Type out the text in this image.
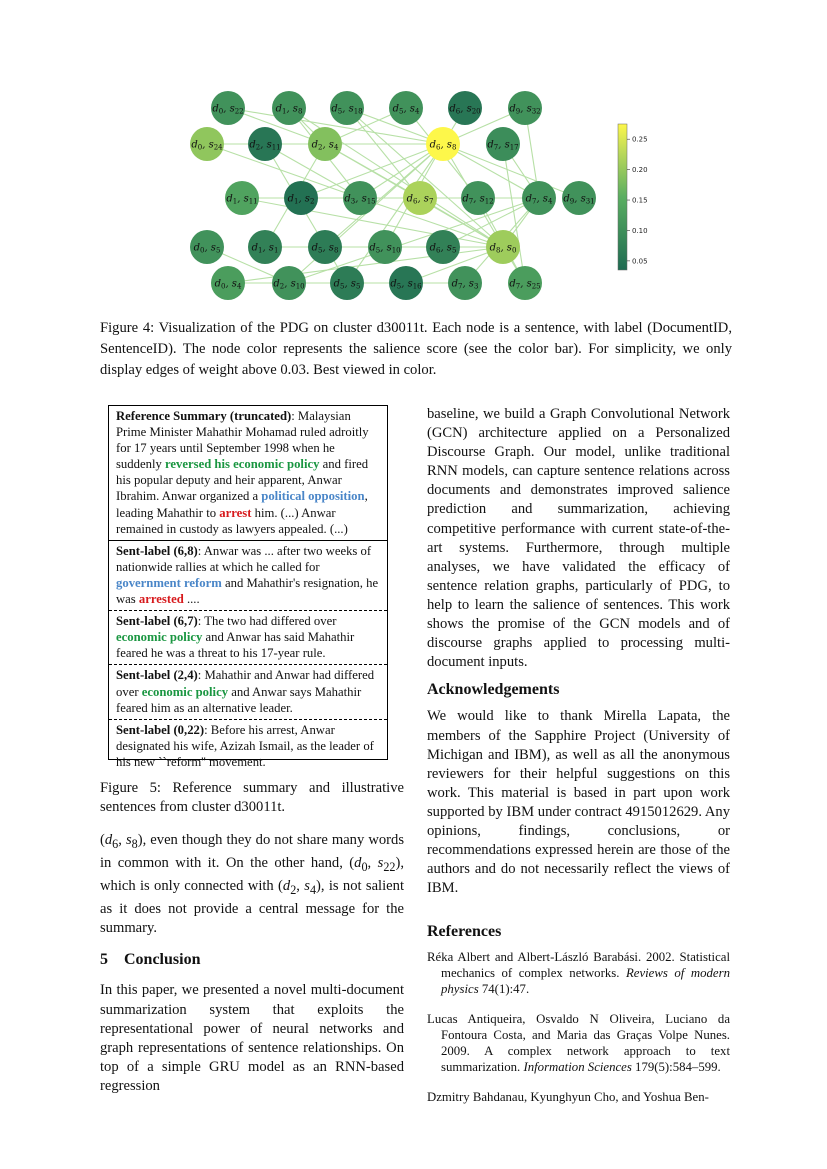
$d_0$, $s_{22}$	$d_1$, $s_8$	$d_5$, $s_{18}$	$d_5$, $s_4$	$d_6$, $s_{20}$	$d_9$, $s_{32}$
$d_0$, $s_{24}$	$d_2$, $s_{11}$	$d_2$, $s_4$	$d_6$, $s_8$	$d_7$, $s_{17}$
$d_1$, $s_{11}$	$d_1$, $s_2$	$d_3$, $s_{15}$	$d_6$, $s_7$	$d_7$, $s_{12}$	$d_7$, $s_4$ $d_9$, $s_{31}$
$d_0$, $s_5$	$d_1$, $s_1$	$d_5$, $s_8$	$d_5$, $s_{10}$	$d_6$, $s_5$	$d_8$, $s_0$
$d_0$, $s_4$	$d_2$, $s_{10}$	$d_5$, $s_5$	$d_5$, $s_{16}$	$d_7$, $s_3$	$d_7$, $s_{25}$
0.25
0.20
0.15
0.10
0.05
Figure 4: Visualization of the PDG on cluster d30011t. Each node is a sentence, with label (DocumentID, SentenceID). The node color represents the salience score (see the color bar). For simplicity, we only display edges of weight above 0.03. Best viewed in color.
Reference Summary (truncated): Malaysian Prime Minister Mahathir Mohamad ruled adroitly for 17 years until September 1998 when he suddenly reversed his economic policy and fired his popular deputy and heir apparent, Anwar Ibrahim. Anwar organized a political opposition, leading Mahathir to arrest him. (...) Anwar remained in custody as lawyers appealed. (...)
Sent-label (6,8): Anwar was ... after two weeks of nationwide rallies at which he called for government reform and Mahathir's resignation, he was arrested ....
Sent-label (6,7): The two had differed over economic policy and Anwar has said Mahathir feared he was a threat to his 17-year rule.
Sent-label (2,4): Mahathir and Anwar had differed over economic policy and Anwar says Mahathir feared him as an alternative leader.
Sent-label (0,22): Before his arrest, Anwar designated his wife, Azizah Ismail, as the leader of his new ``reform'' movement.

Figure 5: Reference summary and illustrative sentences from cluster d30011t.

($d_6$, $s_8$), even though they do not share many words in common with it. On the other hand, ($d_0$, $s_{22}$), which is only connected with ($d_2$, $s_4$), is not salient as it does not provide a central message for the summary.

5 Conclusion

In this paper, we presented a novel multi-document summarization system that exploits the representational power of neural networks and graph representations of sentence relationships. On top of a simple GRU model as an RNN-based regression

baseline, we build a Graph Convolutional Network (GCN) architecture applied on a Personalized Discourse Graph. Our model, unlike traditional RNN models, can capture sentence relations across documents and demonstrates improved salience prediction and summarization, achieving competitive performance with current state-of-the-art systems. Furthermore, through multiple analyses, we have validated the efficacy of sentence relation graphs, particularly of PDG, to help to learn the salience of sentences. This work shows the promise of the GCN models and of discourse graphs applied to processing multi-document inputs.

Acknowledgements

We would like to thank Mirella Lapata, the members of the Sapphire Project (University of Michigan and IBM), as well as all the anonymous reviewers for their helpful suggestions on this work. This material is based in part upon work supported by IBM under contract 4915012629. Any opinions, findings, conclusions, or recommendations expressed herein are those of the authors and do not necessarily reflect the views of IBM.

References

Réka Albert and Albert-László Barabási. 2002. Statistical mechanics of complex networks. Reviews of modern physics 74(1):47.

Lucas Antiqueira, Osvaldo N Oliveira, Luciano da Fontoura Costa, and Maria das Graças Volpe Nunes. 2009. A complex network approach to text summarization. Information Sciences 179(5):584–599.

Dzmitry Bahdanau, Kyunghyun Cho, and Yoshua Ben-
